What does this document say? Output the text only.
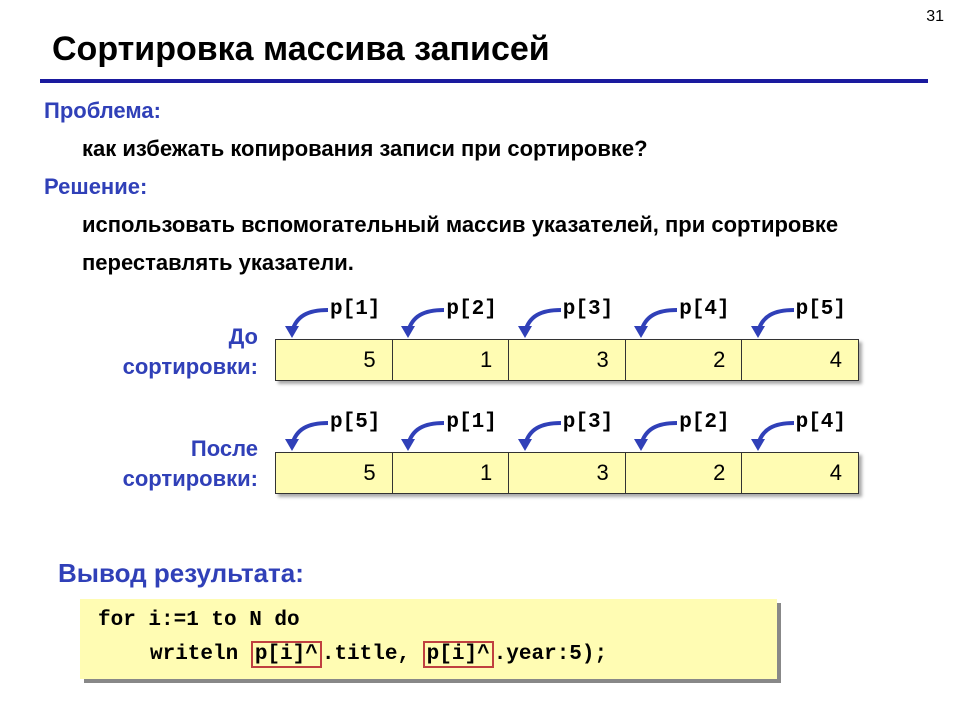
31
Сортировка массива записей
Проблема:
как избежать копирования записи при сортировке?
Решение:
использовать вспомогательный массив указателей, при сортировке переставлять указатели.
До
сортировки:
p[1]	p[2]	p[3]	p[4]	p[5]
5	1	3	2	4
После
сортировки:
p[5]	p[1]	p[3]	p[2]	p[4]
5	1	3	2	4
Вывод результата:
for i:=1 to N do
writeln p[i]^ .title, p[i]^ .year:5);
